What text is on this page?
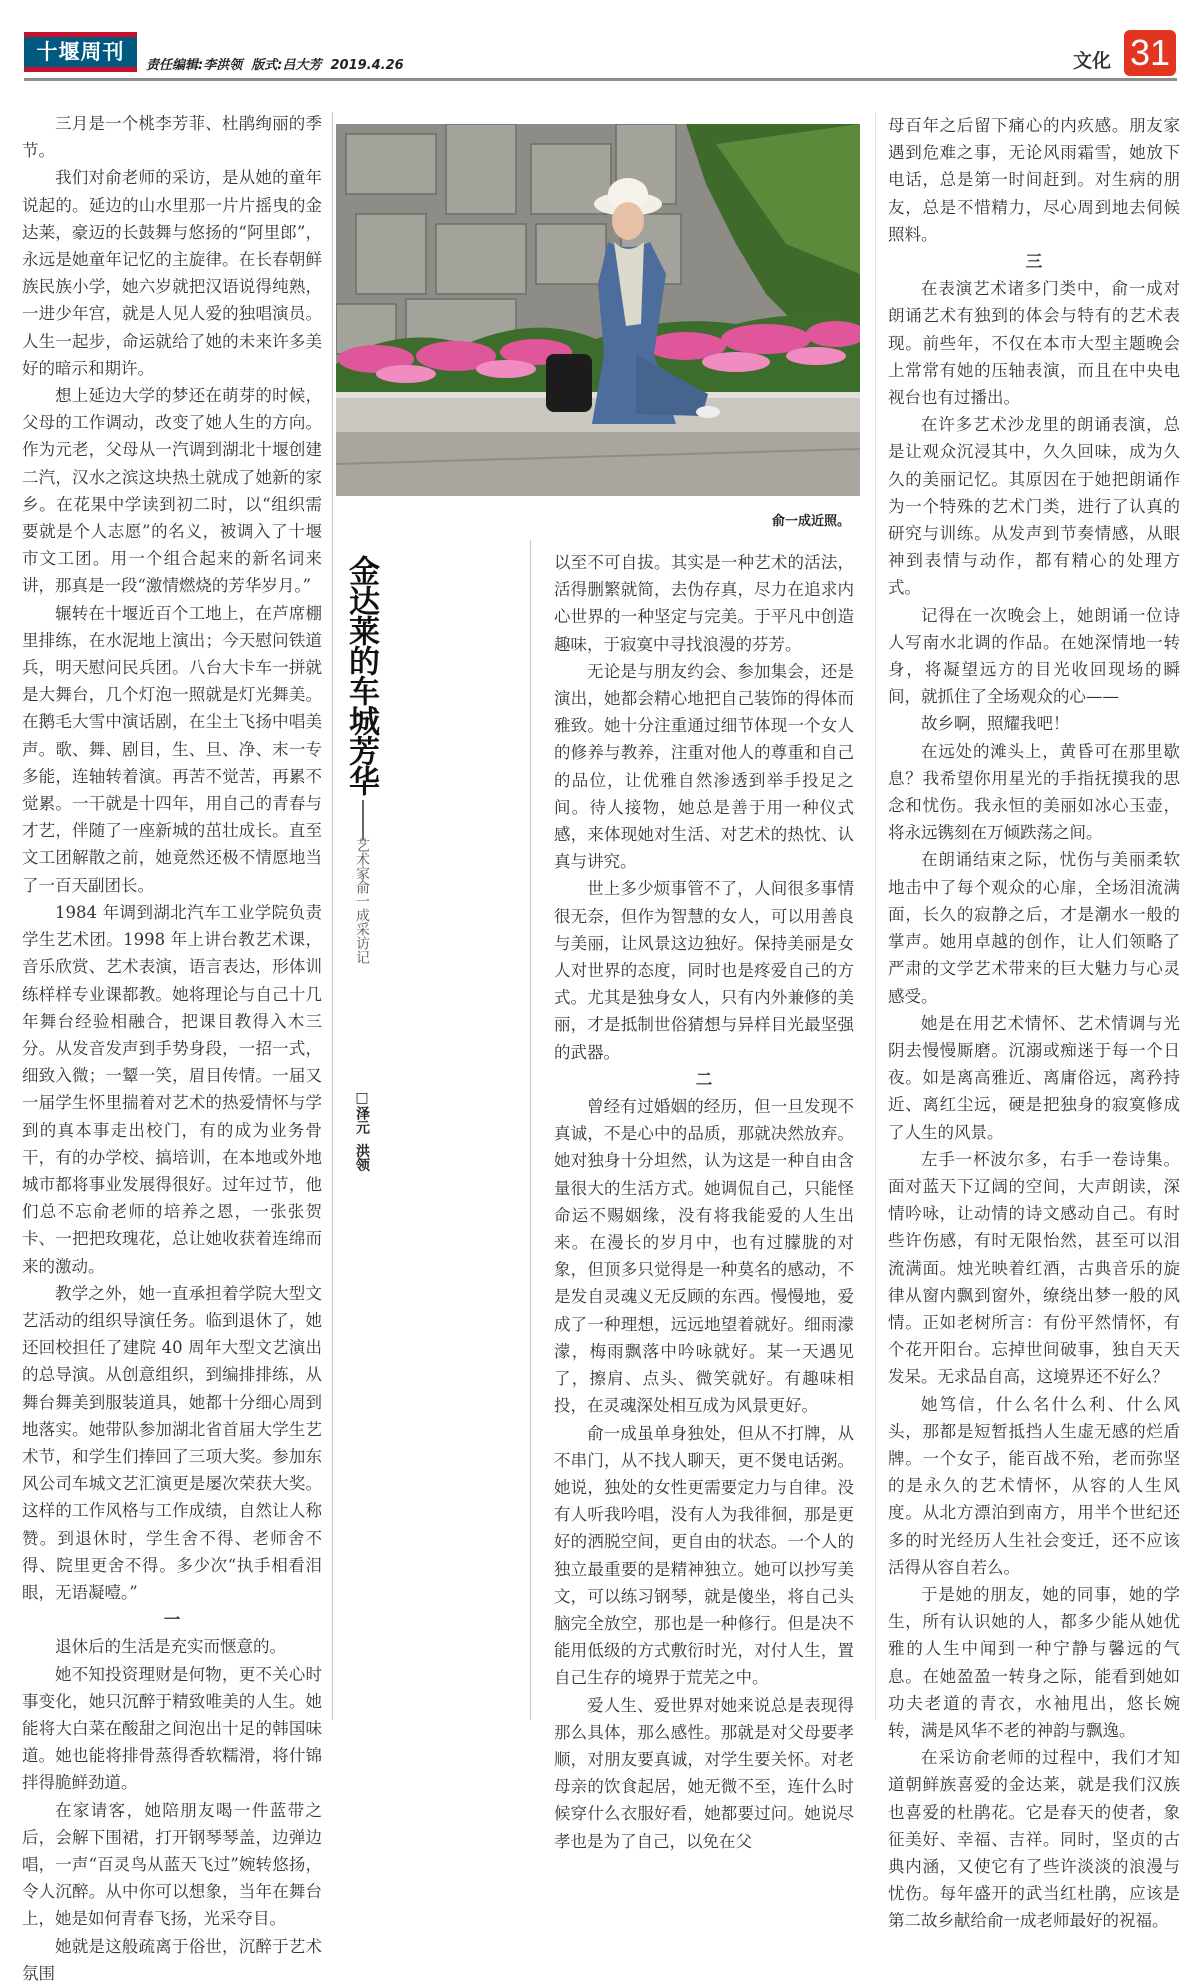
十堰周刊
责任编辑:李洪领  版式:吕大芳  2019.4.26	文化 31
俞一成近照。
金达莱的车城芳华
艺术家俞一成采访记
□泽元  洪领

三月是一个桃李芳菲、杜鹃绚丽的季节。

我们对俞老师的采访，是从她的童年说起的。延边的山水里那一片片摇曳的金达莱，豪迈的长鼓舞与悠扬的“阿里郎”，永远是她童年记忆的主旋律。在长春朝鲜族民族小学，她六岁就把汉语说得纯熟，一进少年宫，就是人见人爱的独唱演员。人生一起步，命运就给了她的未来许多美好的暗示和期许。

想上延边大学的梦还在萌芽的时候，父母的工作调动，改变了她人生的方向。作为元老，父母从一汽调到湖北十堰创建二汽，汉水之滨这块热土就成了她新的家乡。在花果中学读到初二时，以“组织需要就是个人志愿”的名义，被调入了十堰市文工团。用一个组合起来的新名词来讲，那真是一段“激情燃烧的芳华岁月。”

辗转在十堰近百个工地上，在芦席棚里排练，在水泥地上演出；今天慰问铁道兵，明天慰问民兵团。八台大卡车一拼就是大舞台，几个灯泡一照就是灯光舞美。在鹅毛大雪中演话剧，在尘土飞扬中唱美声。歌、舞、剧目，生、旦、净、末一专多能，连轴转着演。再苦不觉苦，再累不觉累。一干就是十四年，用自己的青春与才艺，伴随了一座新城的茁壮成长。直至文工团解散之前，她竟然还极不情愿地当了一百天副团长。

1984 年调到湖北汽车工业学院负责学生艺术团。1998 年上讲台教艺术课，音乐欣赏、艺术表演，语言表达，形体训练样样专业课都教。她将理论与自己十几年舞台经验相融合，把课目教得入木三分。从发音发声到手势身段，一招一式，细致入微；一颦一笑，眉目传情。一届又一届学生怀里揣着对艺术的热爱情怀与学到的真本事走出校门，有的成为业务骨干，有的办学校、搞培训，在本地或外地城市都将事业发展得很好。过年过节，他们总不忘俞老师的培养之恩，一张张贺卡、一把把玫瑰花，总让她收获着连绵而来的激动。

教学之外，她一直承担着学院大型文艺活动的组织导演任务。临到退休了，她还回校担任了建院 40 周年大型文艺演出的总导演。从创意组织，到编排排练，从舞台舞美到服装道具，她都十分细心周到地落实。她带队参加湖北省首届大学生艺术节，和学生们捧回了三项大奖。参加东风公司车城文艺汇演更是屡次荣获大奖。这样的工作风格与工作成绩，自然让人称赞。到退休时，学生舍不得、老师舍不得、院里更舍不得。多少次“执手相看泪眼，无语凝噎。”

一

退休后的生活是充实而惬意的。

她不知投资理财是何物，更不关心时事变化，她只沉醉于精致唯美的人生。她能将大白菜在酸甜之间泡出十足的韩国味道。她也能将排骨蒸得香软糯滑，将什锦拌得脆鲜劲道。

在家请客，她陪朋友喝一件蓝带之后，会解下围裙，打开钢琴琴盖，边弹边唱，一声“百灵鸟从蓝天飞过”婉转悠扬，令人沉醉。从中你可以想象，当年在舞台上，她是如何青春飞扬，光采夺目。

她就是这般疏离于俗世，沉醉于艺术氛围

以至不可自拔。其实是一种艺术的活法，活得删繁就简，去伪存真，尽力在追求内心世界的一种坚定与完美。于平凡中创造趣味，于寂寞中寻找浪漫的芬芳。

无论是与朋友约会、参加集会，还是演出，她都会精心地把自己装饰的得体而雅致。她十分注重通过细节体现一个女人的修养与教养，注重对他人的尊重和自己的品位，让优雅自然渗透到举手投足之间。待人接物，她总是善于用一种仪式感，来体现她对生活、对艺术的热忱、认真与讲究。

世上多少烦事管不了，人间很多事情很无奈，但作为智慧的女人，可以用善良与美丽，让风景这边独好。保持美丽是女人对世界的态度，同时也是疼爱自己的方式。尤其是独身女人，只有内外兼修的美丽，才是抵制世俗猜想与异样目光最坚强的武器。

二

曾经有过婚姻的经历，但一旦发现不真诚，不是心中的品质，那就决然放弃。她对独身十分坦然，认为这是一种自由含量很大的生活方式。她调侃自己，只能怪命运不赐姻缘，没有将我能爱的人生出来。在漫长的岁月中，也有过朦胧的对象，但顶多只觉得是一种莫名的感动，不是发自灵魂义无反顾的东西。慢慢地，爱成了一种理想，远远地望着就好。细雨濛濛，梅雨飘落中吟咏就好。某一天遇见了，擦肩、点头、微笑就好。有趣味相投，在灵魂深处相互成为风景更好。

俞一成虽单身独处，但从不打牌，从不串门，从不找人聊天，更不煲电话粥。她说，独处的女性更需要定力与自律。没有人听我吟唱，没有人为我徘徊，那是更好的洒脱空间，更自由的状态。一个人的独立最重要的是精神独立。她可以抄写美文，可以练习钢琴，就是傻坐，将自己头脑完全放空，那也是一种修行。但是决不能用低级的方式敷衍时光，对付人生，置自己生存的境界于荒芜之中。

爱人生、爱世界对她来说总是表现得那么具体，那么感性。那就是对父母要孝顺，对朋友要真诚，对学生要关怀。对老母亲的饮食起居，她无微不至，连什么时候穿什么衣服好看，她都要过问。她说尽孝也是为了自己，以免在父

母百年之后留下痛心的内疚感。朋友家遇到危难之事，无论风雨霜雪，她放下电话，总是第一时间赶到。对生病的朋友，总是不惜精力，尽心周到地去伺候照料。

三

在表演艺术诸多门类中，俞一成对朗诵艺术有独到的体会与特有的艺术表现。前些年，不仅在本市大型主题晚会上常常有她的压轴表演，而且在中央电视台也有过播出。

在许多艺术沙龙里的朗诵表演，总是让观众沉浸其中，久久回味，成为久久的美丽记忆。其原因在于她把朗诵作为一个特殊的艺术门类，进行了认真的研究与训练。从发声到节奏情感，从眼神到表情与动作，都有精心的处理方式。

记得在一次晚会上，她朗诵一位诗人写南水北调的作品。在她深情地一转身，将凝望远方的目光收回现场的瞬间，就抓住了全场观众的心——

故乡啊，照耀我吧！

在远处的滩头上，黄昏可在那里歇息？我希望你用星光的手指抚摸我的思念和忧伤。我永恒的美丽如冰心玉壶，将永远镌刻在万倾跌荡之间。

在朗诵结束之际，忧伤与美丽柔软地击中了每个观众的心扉，全场泪流满面，长久的寂静之后，才是潮水一般的掌声。她用卓越的创作，让人们领略了严肃的文学艺术带来的巨大魅力与心灵感受。

她是在用艺术情怀、艺术情调与光阴去慢慢厮磨。沉溺或痴迷于每一个日夜。如是离高雅近、离庸俗远，离矜持近、离红尘远，硬是把独身的寂寞修成了人生的风景。

左手一杯波尔多，右手一卷诗集。面对蓝天下辽阔的空间，大声朗读，深情吟咏，让动情的诗文感动自己。有时些许伤感，有时无限怡然，甚至可以泪流满面。烛光映着红酒，古典音乐的旋律从窗内飘到窗外，缭绕出梦一般的风情。正如老树所言：有份平然情怀，有个花开阳台。忘掉世间破事，独自天天发呆。无求品自高，这境界还不好么？

她笃信，什么名什么利、什么风头，那都是短暂抵挡人生虚无感的烂盾牌。一个女子，能百战不殆，老而弥坚的是永久的艺术情怀，从容的人生风度。从北方漂泊到南方，用半个世纪还多的时光经历人生社会变迁，还不应该活得从容自若么。

于是她的朋友，她的同事，她的学生，所有认识她的人，都多少能从她优雅的人生中闻到一种宁静与馨远的气息。在她盈盈一转身之际，能看到她如功夫老道的青衣，水袖甩出，悠长婉转，满是风华不老的神韵与飘逸。

在采访俞老师的过程中，我们才知道朝鲜族喜爱的金达莱，就是我们汉族也喜爱的杜鹃花。它是春天的使者，象征美好、幸福、吉祥。同时，坚贞的古典内涵，又使它有了些许淡淡的浪漫与忧伤。每年盛开的武当红杜鹃，应该是第二故乡献给俞一成老师最好的祝福。
